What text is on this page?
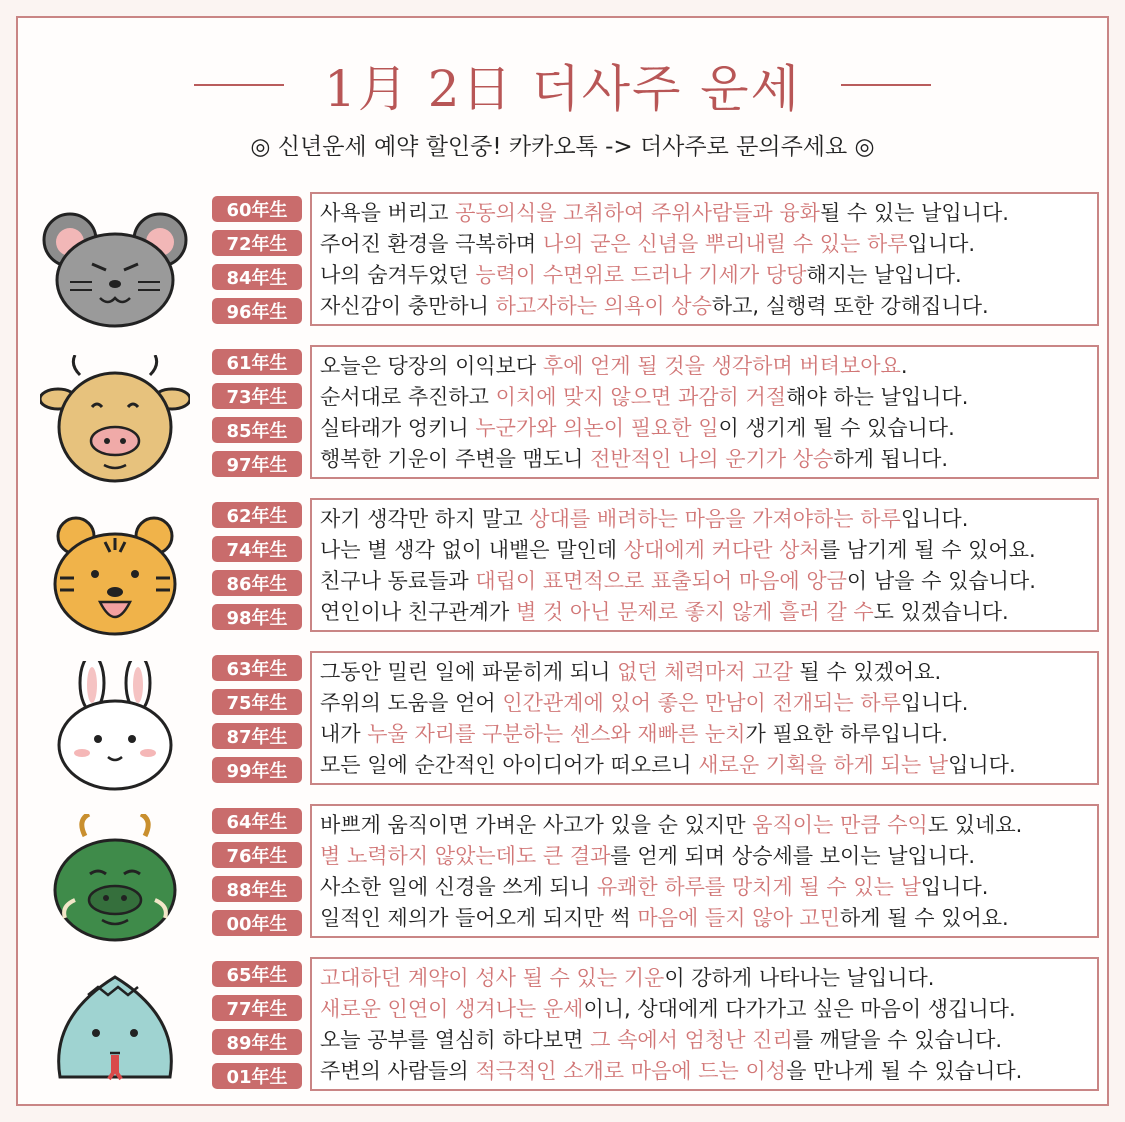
1月 2日 더사주 운세
◎ 신년운세 예약 할인중! 카카오톡 -> 더사주로 문의주세요 ◎
60年生
72年生
84年生
96年生
사욕을 버리고 공동의식을 고취하여 주위사람들과 융화될 수 있는 날입니다.
주어진 환경을 극복하며 나의 굳은 신념을 뿌리내릴 수 있는 하루입니다.
나의 숨겨두었던 능력이 수면위로 드러나 기세가 당당해지는 날입니다.
자신감이 충만하니 하고자하는 의욕이 상승하고, 실행력 또한 강해집니다.
61年生
73年生
85年生
97年生
오늘은 당장의 이익보다 후에 얻게 될 것을 생각하며 버텨보아요.
순서대로 추진하고 이치에 맞지 않으면 과감히 거절해야 하는 날입니다.
실타래가 엉키니 누군가와 의논이 필요한 일이 생기게 될 수 있습니다.
행복한 기운이 주변을 맴도니 전반적인 나의 운기가 상승하게 됩니다.
62年生
74年生
86年生
98年生
자기 생각만 하지 말고 상대를 배려하는 마음을 가져야하는 하루입니다.
나는 별 생각 없이 내뱉은 말인데 상대에게 커다란 상처를 남기게 될 수 있어요.
친구나 동료들과 대립이 표면적으로 표출되어 마음에 앙금이 남을 수 있습니다.
연인이나 친구관계가 별 것 아닌 문제로 좋지 않게 흘러 갈 수도 있겠습니다.
63年生
75年生
87年生
99年生
그동안 밀린 일에 파묻히게 되니 없던 체력마저 고갈 될 수 있겠어요.
주위의 도움을 얻어 인간관계에 있어 좋은 만남이 전개되는 하루입니다.
내가 누울 자리를 구분하는 센스와 재빠른 눈치가 필요한 하루입니다.
모든 일에 순간적인 아이디어가 떠오르니 새로운 기획을 하게 되는 날입니다.
64年生
76年生
88年生
00年生
바쁘게 움직이면 가벼운 사고가 있을 순 있지만 움직이는 만큼 수익도 있네요.
별 노력하지 않았는데도 큰 결과를 얻게 되며 상승세를 보이는 날입니다.
사소한 일에 신경을 쓰게 되니 유쾌한 하루를 망치게 될 수 있는 날입니다.
일적인 제의가 들어오게 되지만 썩 마음에 들지 않아 고민하게 될 수 있어요.
65年生
77年生
89年生
01年生
고대하던 계약이 성사 될 수 있는 기운이 강하게 나타나는 날입니다.
새로운 인연이 생겨나는 운세이니, 상대에게 다가가고 싶은 마음이 생깁니다.
오늘 공부를 열심히 하다보면 그 속에서 엄청난 진리를 깨달을 수 있습니다.
주변의 사람들의 적극적인 소개로 마음에 드는 이성을 만나게 될 수 있습니다.
